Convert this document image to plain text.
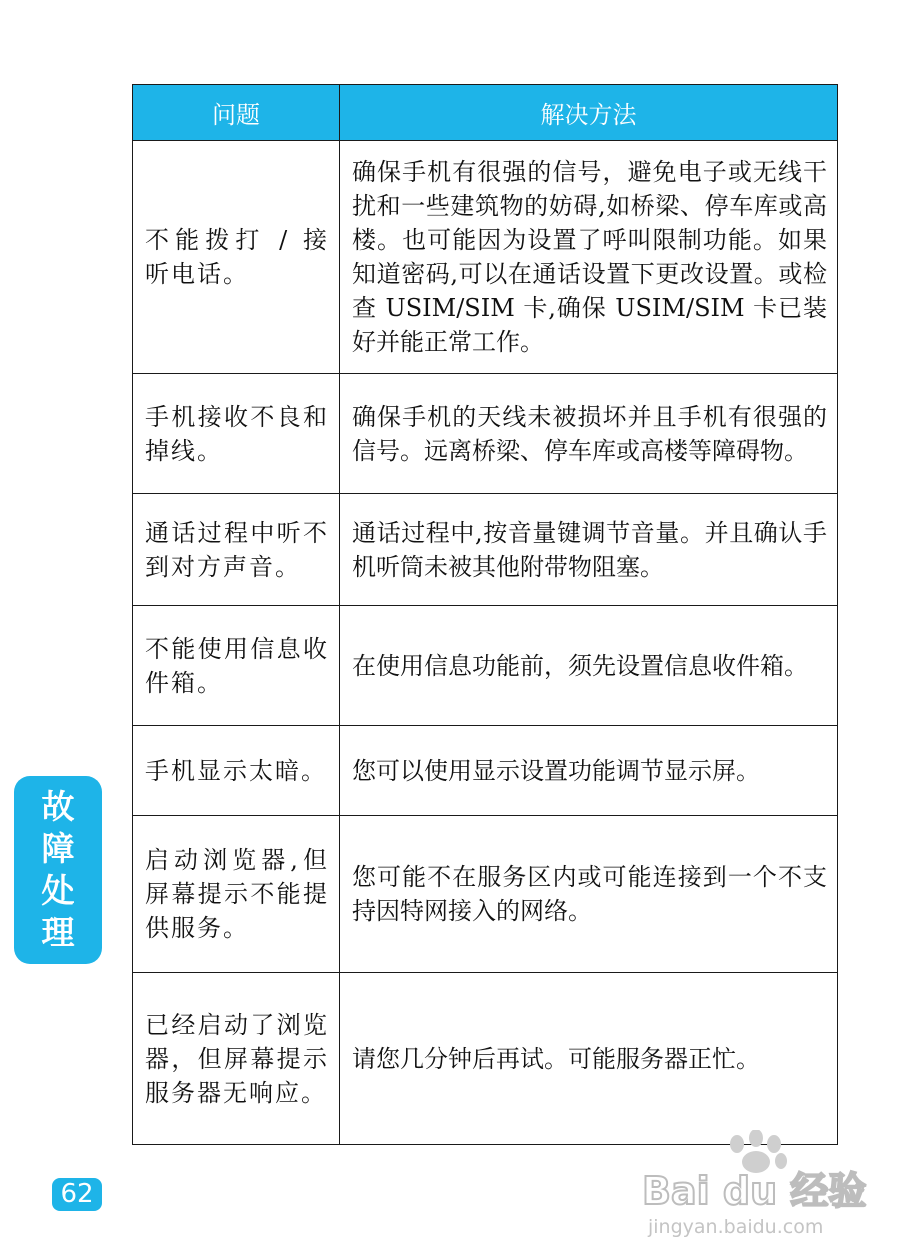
问题	解决方法
不能拨打 / 接听电话。	确保手机有很强的信号，避免电子或无线干扰和一些建筑物的妨碍,如桥梁、停车库或高楼。也可能因为设置了呼叫限制功能。如果知道密码,可以在通话设置下更改设置。或检查 USIM/SIM 卡,确保 USIM/SIM 卡已装好并能正常工作。
手机接收不良和掉线。	确保手机的天线未被损坏并且手机有很强的信号。远离桥梁、停车库或高楼等障碍物。
通话过程中听不到对方声音。	通话过程中,按音量键调节音量。并且确认手机听筒未被其他附带物阻塞。
不能使用信息收件箱。	在使用信息功能前，须先设置信息收件箱。
手机显示太暗。	您可以使用显示设置功能调节显示屏。
启动浏览器,但屏幕提示不能提供服务。	您可能不在服务区内或可能连接到一个不支持因特网接入的网络。
已经启动了浏览器，但屏幕提示服务器无响应。	请您几分钟后再试。可能服务器正忙。
故障处理
62	Bai du 经验
jingyan.baidu.com
